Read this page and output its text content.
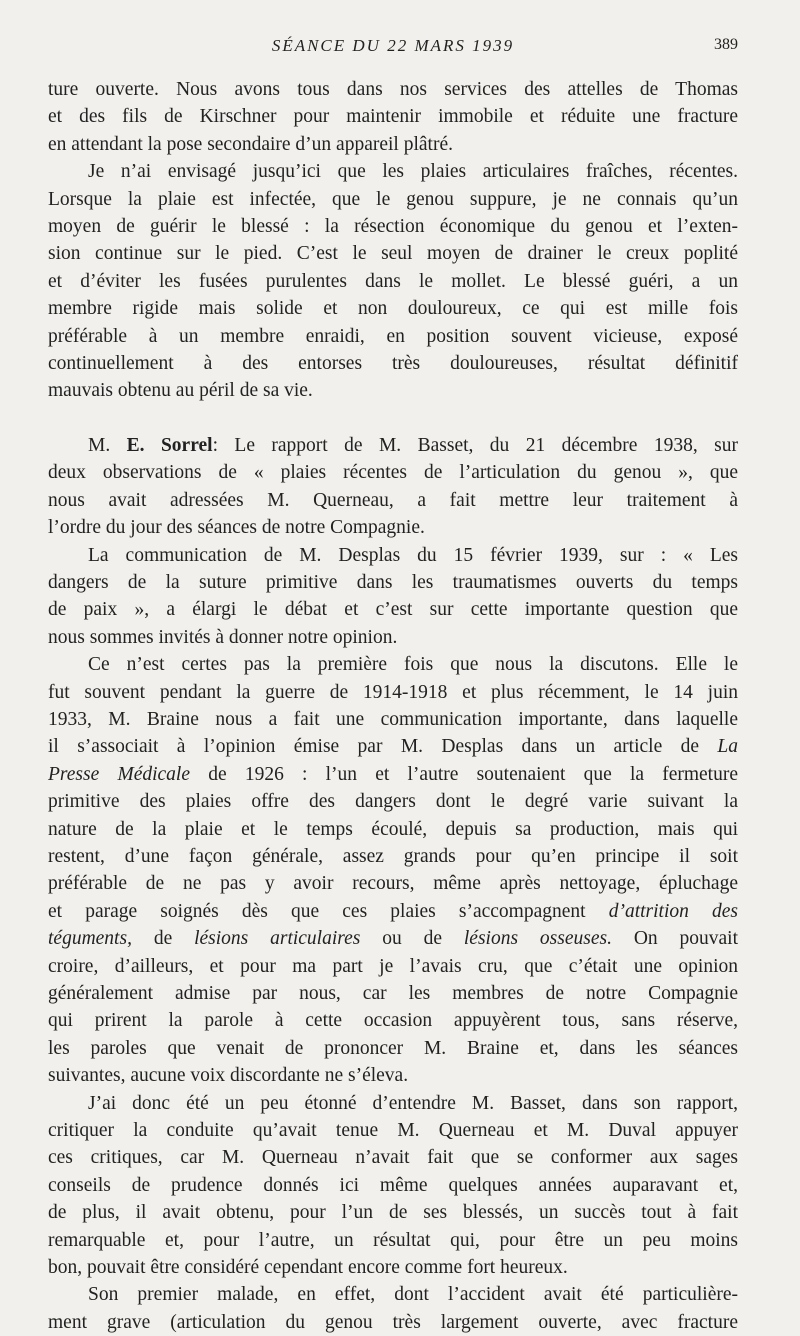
SÉANCE DU 22 MARS 1939	389
ture ouverte. Nous avons tous dans nos services des attelles de Thomas
et des fils de Kirschner pour maintenir immobile et réduite une fracture
en attendant la pose secondaire d’un appareil plâtré.
Je n’ai envisagé jusqu’ici que les plaies articulaires fraîches, récentes.
Lorsque la plaie est infectée, que le genou suppure, je ne connais qu’un
moyen de guérir le blessé : la résection économique du genou et l’exten-
sion continue sur le pied. C’est le seul moyen de drainer le creux poplité
et d’éviter les fusées purulentes dans le mollet. Le blessé guéri, a un
membre rigide mais solide et non douloureux, ce qui est mille fois
préférable à un membre enraidi, en position souvent vicieuse, exposé
continuellement à des entorses très douloureuses, résultat définitif
mauvais obtenu au péril de sa vie.
M. E. Sorrel: Le rapport de M. Basset, du 21 décembre 1938, sur
deux observations de « plaies récentes de l’articulation du genou », que
nous avait adressées M. Querneau, a fait mettre leur traitement à
l’ordre du jour des séances de notre Compagnie.
La communication de M. Desplas du 15 février 1939, sur : « Les
dangers de la suture primitive dans les traumatismes ouverts du temps
de paix », a élargi le débat et c’est sur cette importante question que
nous sommes invités à donner notre opinion.
Ce n’est certes pas la première fois que nous la discutons. Elle le
fut souvent pendant la guerre de 1914-1918 et plus récemment, le 14 juin
1933, M. Braine nous a fait une communication importante, dans laquelle
il s’associait à l’opinion émise par M. Desplas dans un article de La
Presse Médicale de 1926 : l’un et l’autre soutenaient que la fermeture
primitive des plaies offre des dangers dont le degré varie suivant la
nature de la plaie et le temps écoulé, depuis sa production, mais qui
restent, d’une façon générale, assez grands pour qu’en principe il soit
préférable de ne pas y avoir recours, même après nettoyage, épluchage
et parage soignés dès que ces plaies s’accompagnent d’attrition des
téguments, de lésions articulaires ou de lésions osseuses. On pouvait
croire, d’ailleurs, et pour ma part je l’avais cru, que c’était une opinion
généralement admise par nous, car les membres de notre Compagnie
qui prirent la parole à cette occasion appuyèrent tous, sans réserve,
les paroles que venait de prononcer M. Braine et, dans les séances
suivantes, aucune voix discordante ne s’éleva.
J’ai donc été un peu étonné d’entendre M. Basset, dans son rapport,
critiquer la conduite qu’avait tenue M. Querneau et M. Duval appuyer
ces critiques, car M. Querneau n’avait fait que se conformer aux sages
conseils de prudence donnés ici même quelques années auparavant et,
de plus, il avait obtenu, pour l’un de ses blessés, un succès tout à fait
remarquable et, pour l’autre, un résultat qui, pour être un peu moins
bon, pouvait être considéré cependant encore comme fort heureux.
Son premier malade, en effet, dont l’accident avait été particulière-
ment grave (articulation du genou très largement ouverte, avec fracture
